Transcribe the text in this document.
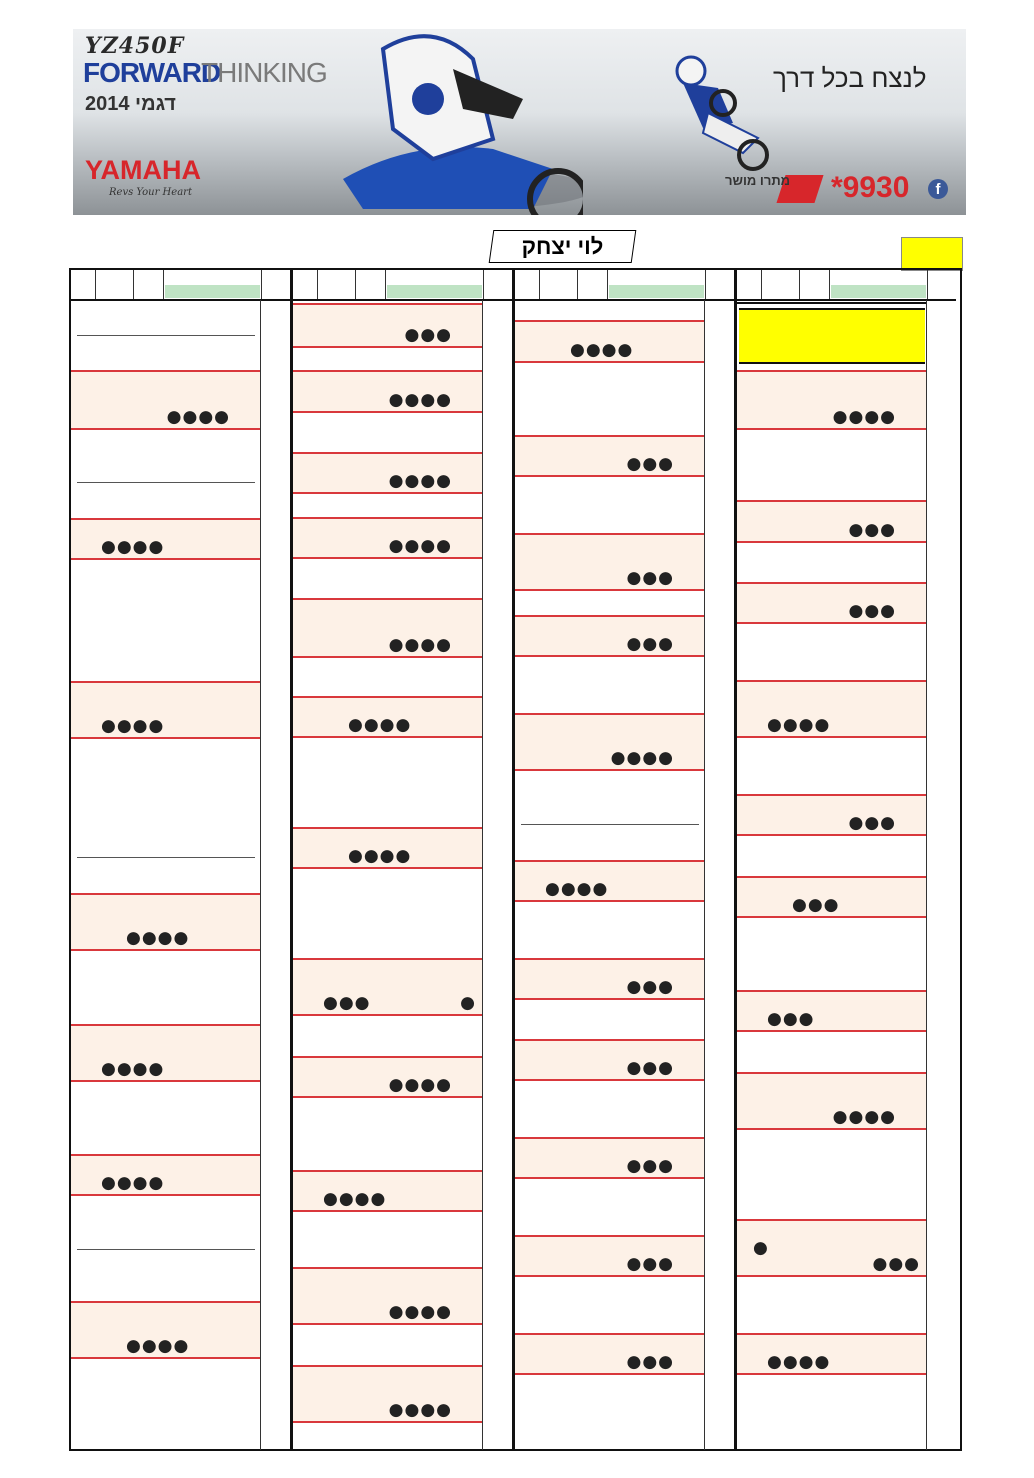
YZ450F
FORWARD
THINKING
דגמי 2014
YAMAHA
Revs Your Heart
לנצח בכל דרך
מתרו מושר *9930	f
לוי יצחק
●●●●
●●●●
●●●●
●●●●
●●●●
●●●●
●●●●
●●●
●●●●
●●●●
●●●●
●●●●
●●●●
●●●●
●●●	●
●●●●
●●●●
●●●●
●●●●
●●●●
●●●
●●●
●●●
●●●●
●●●●
●●●
●●●
●●●
●●●
●●●
●●●●
●●●
●●●
●●●●
●●●
●●●
●●●
●●●●
●●●
●
●●●●
